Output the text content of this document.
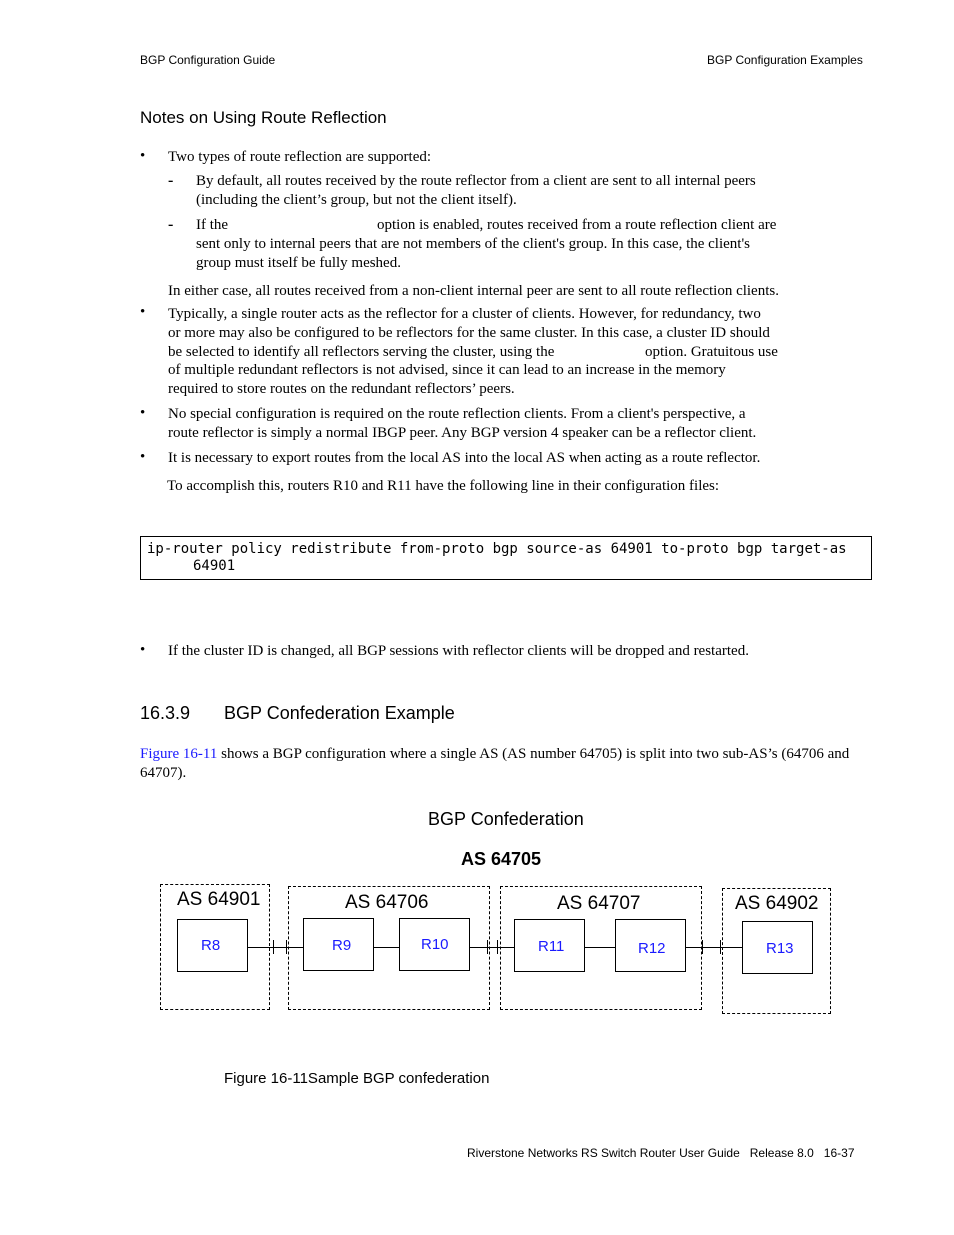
BGP Configuration Guide	BGP Configuration Examples
Notes on Using Route Reflection
• Two types of route reflection are supported:
- By default, all routes received by the route reflector from a client are sent to all internal peers
(including the client’s group, but not the client itself).
- If the	option is enabled, routes received from a route reflection client are
sent only to internal peers that are not members of the client's group. In this case, the client's
group must itself be fully meshed.
In either case, all routes received from a non-client internal peer are sent to all route reflection clients.
• Typically, a single router acts as the reflector for a cluster of clients. However, for redundancy, two
or more may also be configured to be reflectors for the same cluster. In this case, a cluster ID should
be selected to identify all reflectors serving the cluster, using the	option. Gratuitous use
of multiple redundant reflectors is not advised, since it can lead to an increase in the memory
required to store routes on the redundant reflectors’ peers.
• No special configuration is required on the route reflection clients. From a client's perspective, a
route reflector is simply a normal IBGP peer. Any BGP version 4 speaker can be a reflector client.
• It is necessary to export routes from the local AS into the local AS when acting as a route reflector.
To accomplish this, routers R10 and R11 have the following line in their configuration files:
ip-router policy redistribute from-proto bgp source-as 64901 to-proto bgp target-as
64901
• If the cluster ID is changed, all BGP sessions with reflector clients will be dropped and restarted.
16.3.9 BGP Confederation Example
Figure 16-11 shows a BGP configuration where a single AS (AS number 64705) is split into two sub-AS’s (64706 and
64707).
BGP Confederation
AS 64705
AS 64901	AS 64706	AS 64707	AS 64902
R8	R9	R10	R11	R12	R13
Figure 16-11Sample BGP confederation
Riverstone Networks RS Switch Router User Guide   Release 8.0   16-37
